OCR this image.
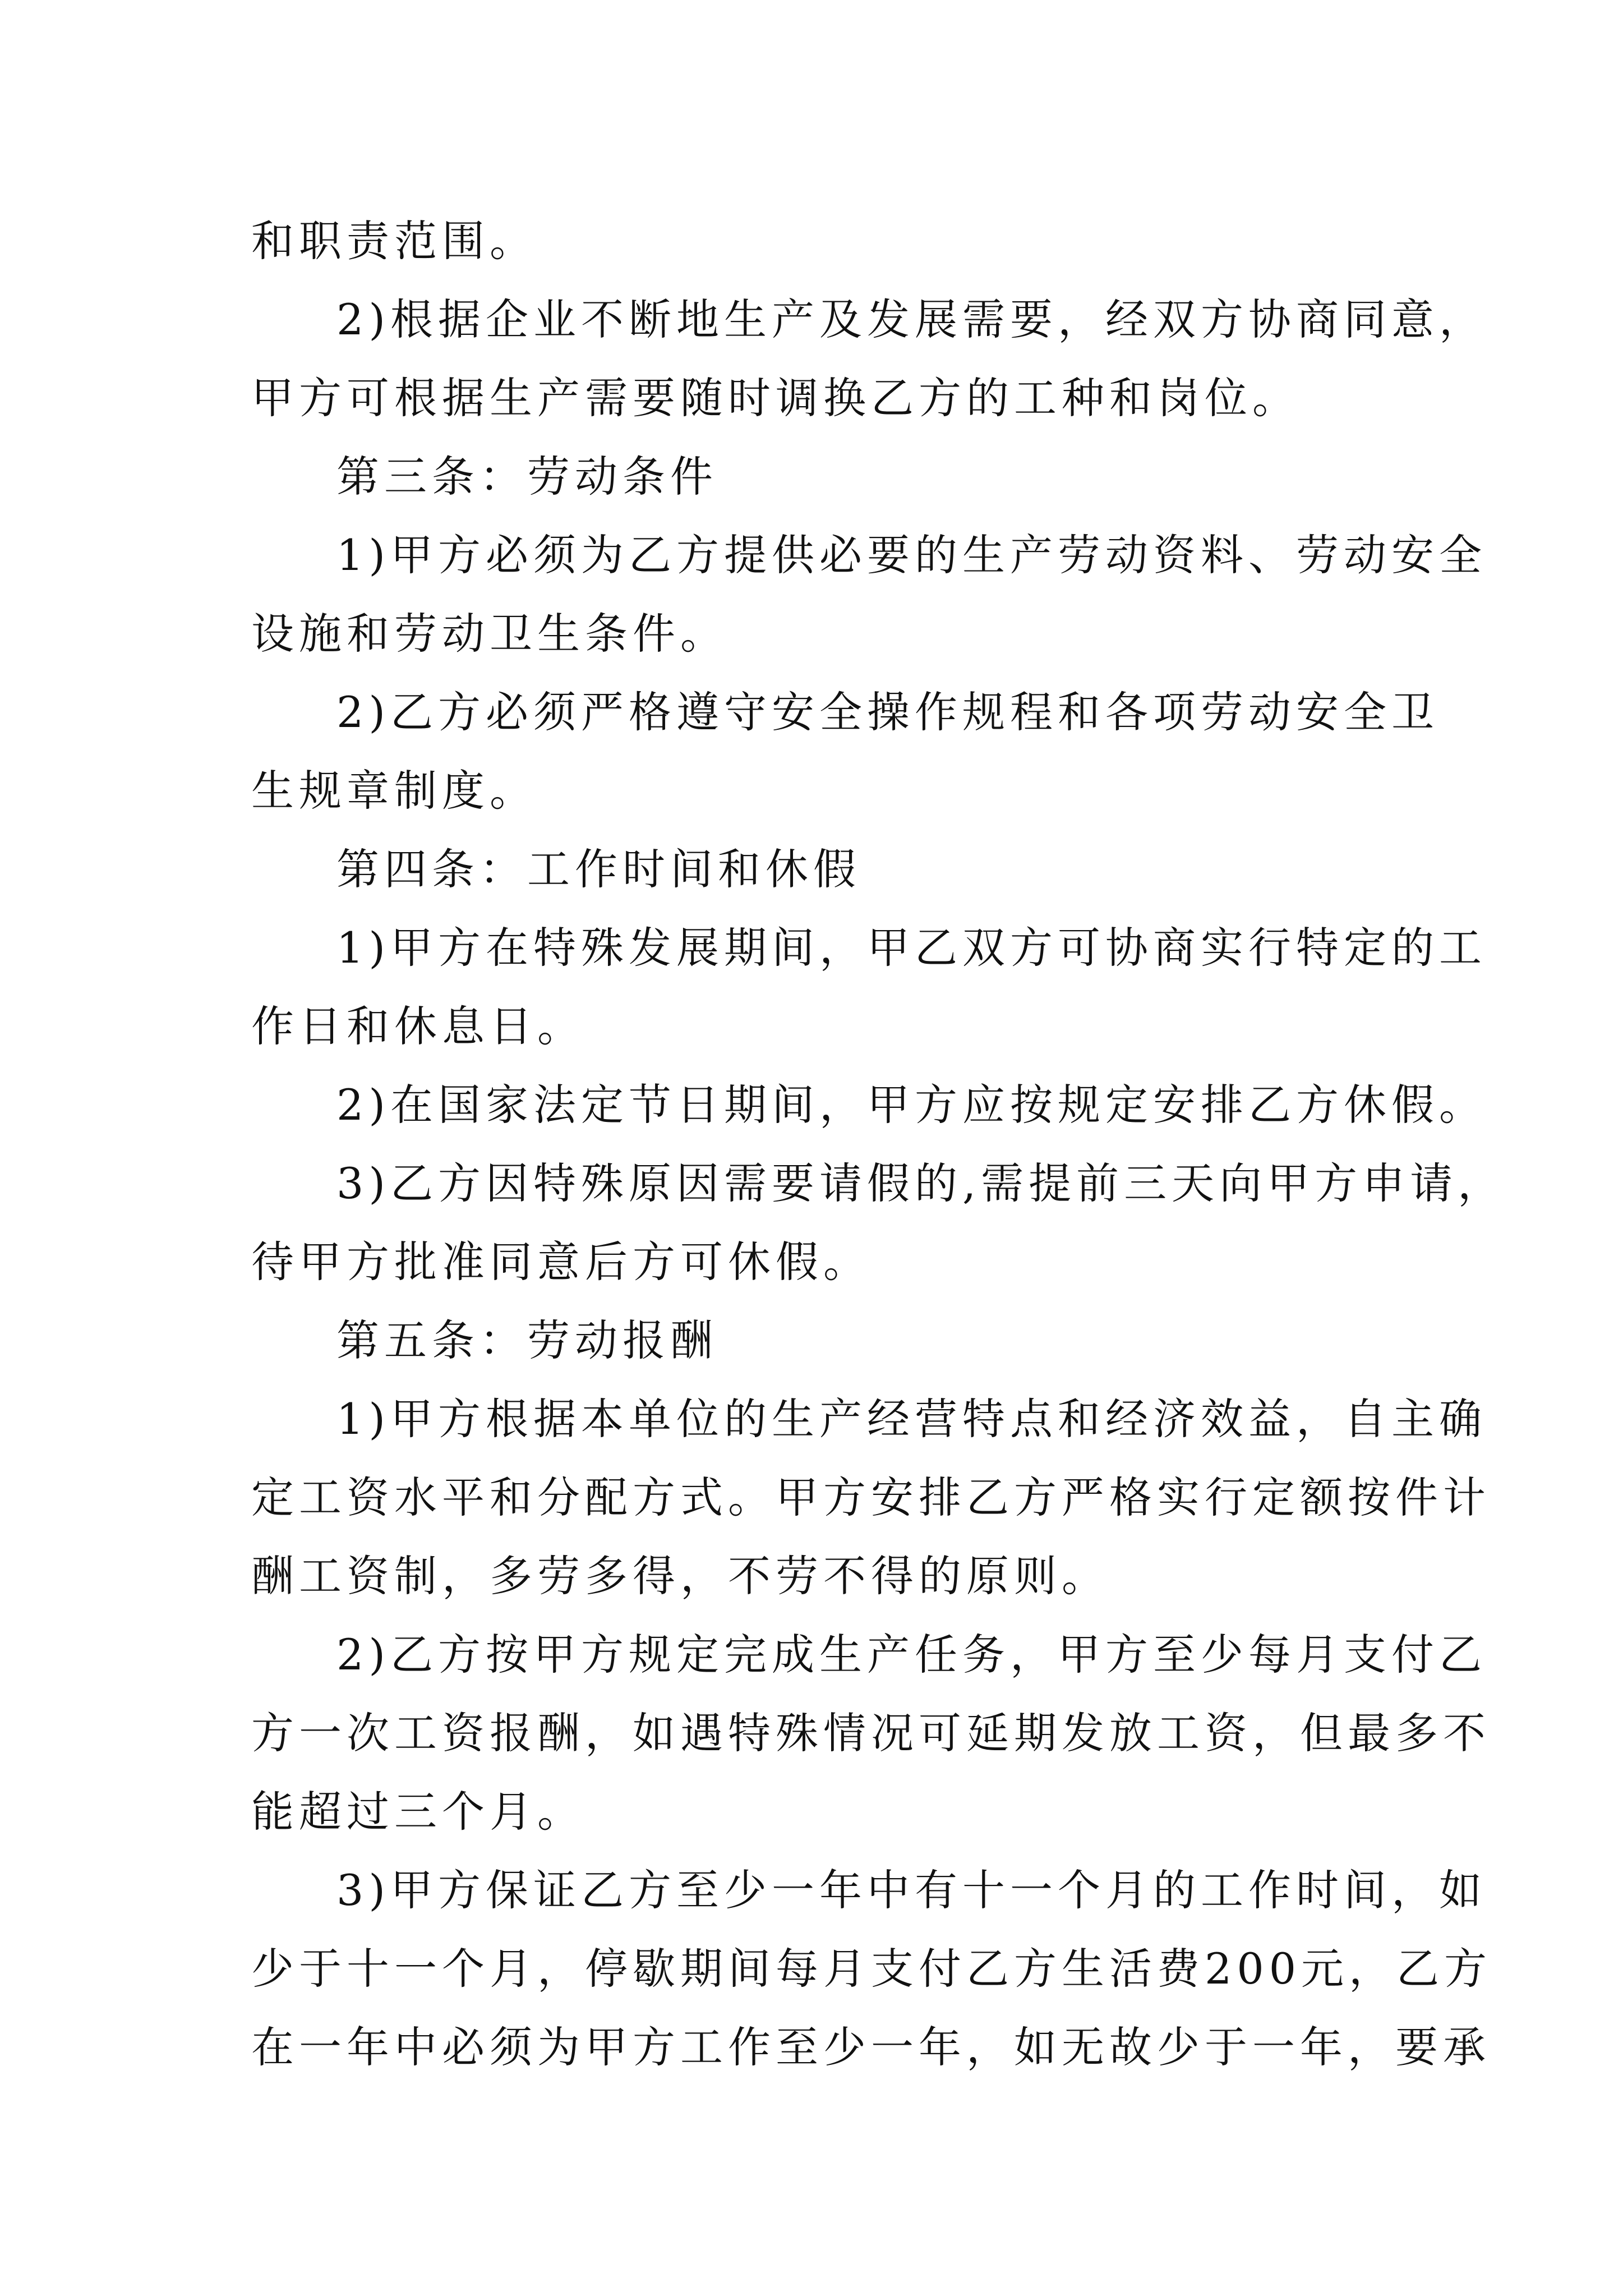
和职责范围。
2)根据企业不断地生产及发展需要，经双方协商同意，
甲方可根据生产需要随时调换乙方的工种和岗位。
第三条：劳动条件
1)甲方必须为乙方提供必要的生产劳动资料、劳动安全
设施和劳动卫生条件。
2)乙方必须严格遵守安全操作规程和各项劳动安全卫
生规章制度。
第四条：工作时间和休假
1)甲方在特殊发展期间，甲乙双方可协商实行特定的工
作日和休息日。
2)在国家法定节日期间，甲方应按规定安排乙方休假。
3)乙方因特殊原因需要请假的,需提前三天向甲方申请，
待甲方批准同意后方可休假。
第五条：劳动报酬
1)甲方根据本单位的生产经营特点和经济效益，自主确
定工资水平和分配方式。甲方安排乙方严格实行定额按件计
酬工资制，多劳多得，不劳不得的原则。
2)乙方按甲方规定完成生产任务，甲方至少每月支付乙
方一次工资报酬，如遇特殊情况可延期发放工资，但最多不
能超过三个月。
3)甲方保证乙方至少一年中有十一个月的工作时间，如
少于十一个月，停歇期间每月支付乙方生活费200元，乙方
在一年中必须为甲方工作至少一年，如无故少于一年，要承
